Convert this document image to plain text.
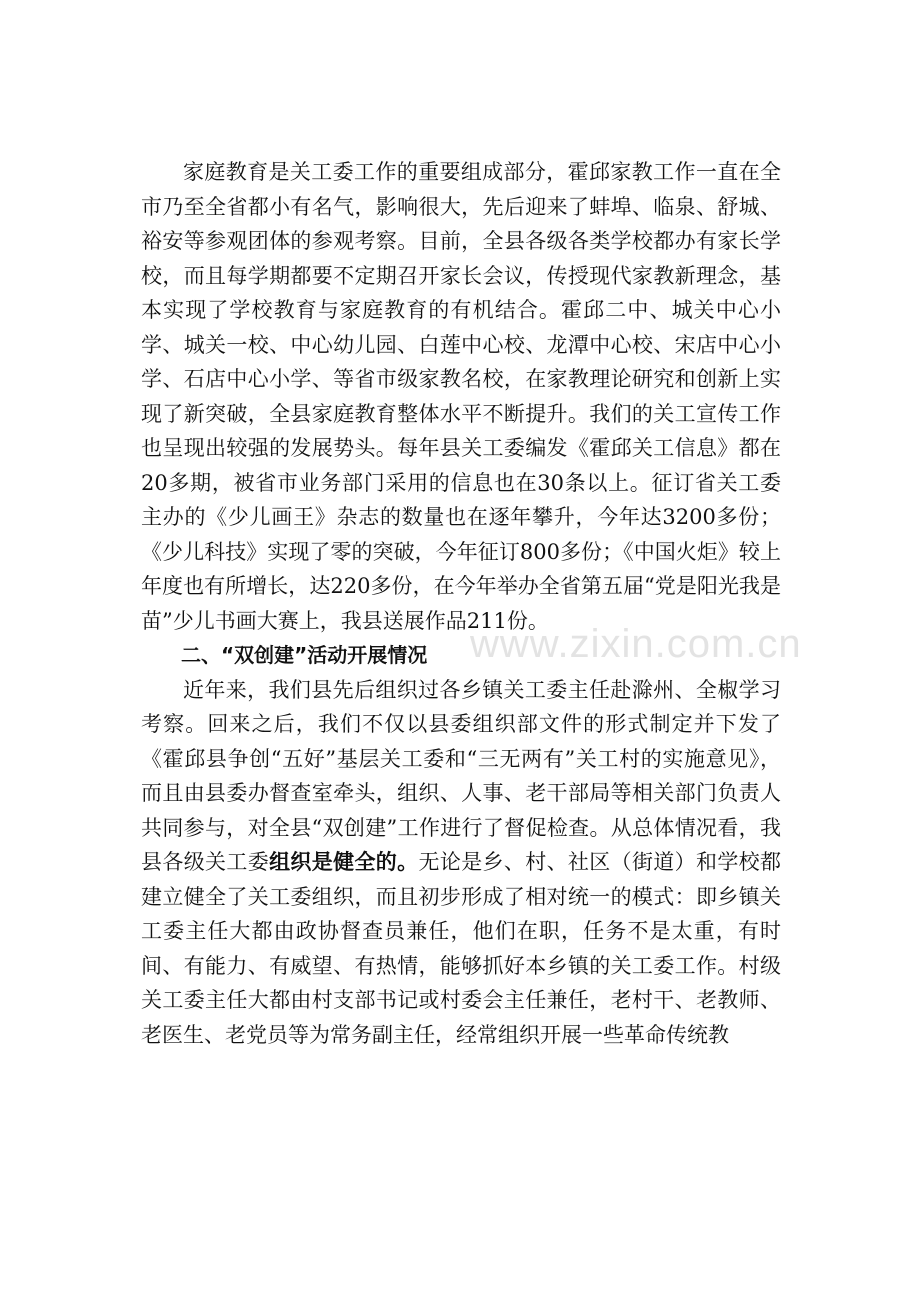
www.zixin.com.cn

家庭教育是关工委工作的重要组成部分，霍邱家教工作一直在全市乃至全省都小有名气，影响很大，先后迎来了蚌埠、临泉、舒城、裕安等参观团体的参观考察。目前，全县各级各类学校都办有家长学校，而且每学期都要不定期召开家长会议，传授现代家教新理念，基本实现了学校教育与家庭教育的有机结合。霍邱二中、城关中心小学、城关一校、中心幼儿园、白莲中心校、龙潭中心校、宋店中心小学、石店中心小学、等省市级家教名校，在家教理论研究和创新上实现了新突破，全县家庭教育整体水平不断提升。我们的关工宣传工作也呈现出较强的发展势头。每年县关工委编发《霍邱关工信息》都在20多期，被省市业务部门采用的信息也在30条以上。征订省关工委主办的《少儿画王》杂志的数量也在逐年攀升，今年达3200多份；《少儿科技》实现了零的突破，今年征订800多份；《中国火炬》较上年度也有所增长，达220多份，在今年举办全省第五届“党是阳光我是苗”少儿书画大赛上，我县送展作品211份。

二、“双创建”活动开展情况

近年来，我们县先后组织过各乡镇关工委主任赴滁州、全椒学习考察。回来之后，我们不仅以县委组织部文件的形式制定并下发了《霍邱县争创“五好”基层关工委和“三无两有”关工村的实施意见》，而且由县委办督查室牵头，组织、人事、老干部局等相关部门负责人共同参与，对全县“双创建”工作进行了督促检查。从总体情况看，我县各级关工委组织是健全的。无论是乡、村、社区（街道）和学校都建立健全了关工委组织，而且初步形成了相对统一的模式：即乡镇关工委主任大都由政协督查员兼任，他们在职，任务不是太重，有时间、有能力、有威望、有热情，能够抓好本乡镇的关工委工作。村级关工委主任大都由村支部书记或村委会主任兼任，老村干、老教师、老医生、老党员等为常务副主任，经常组织开展一些革命传统教
